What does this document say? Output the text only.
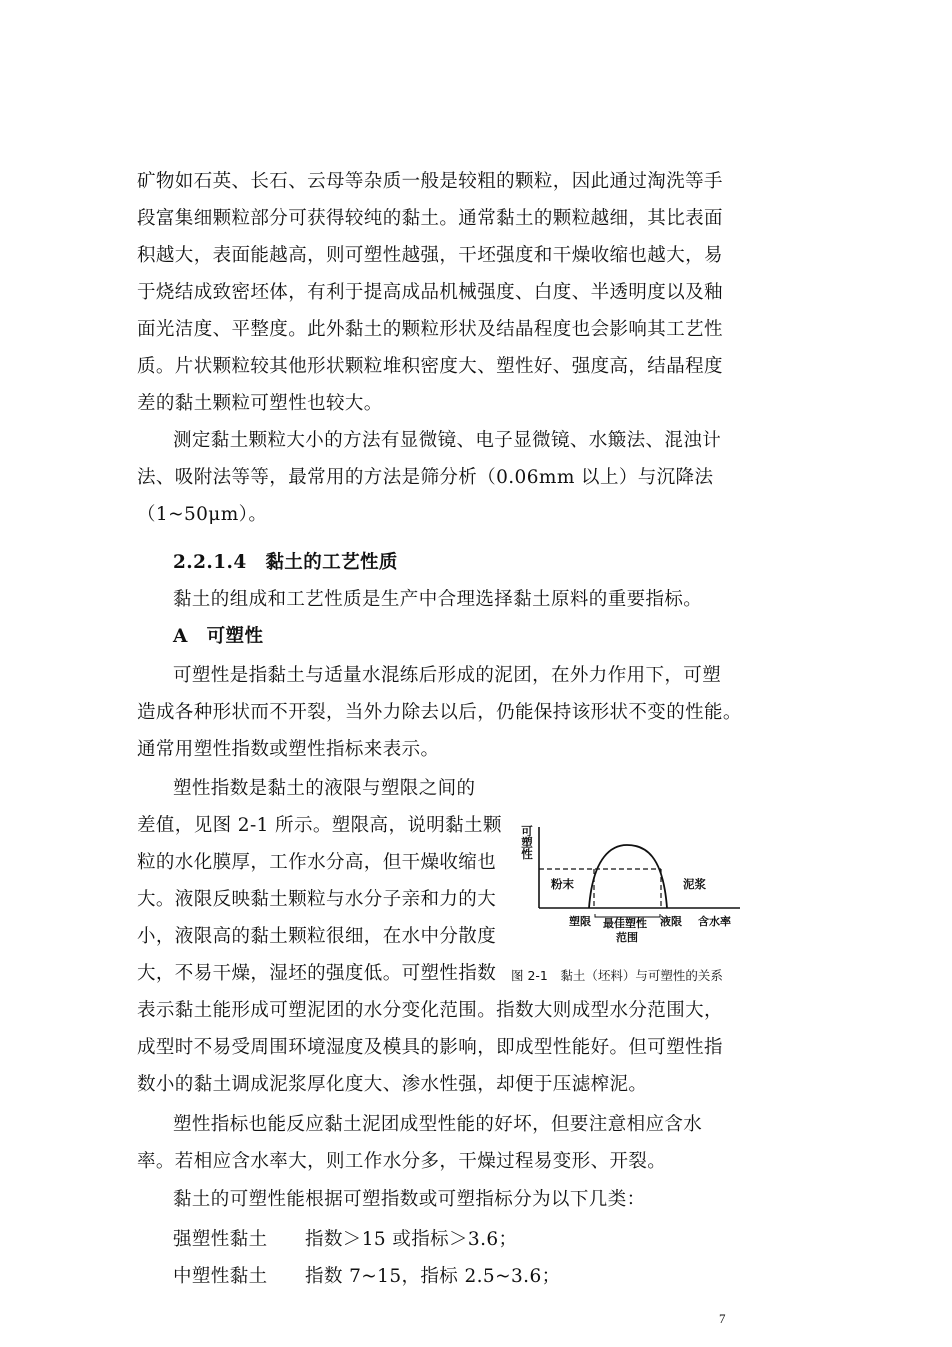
矿物如石英、长石、云母等杂质一般是较粗的颗粒，因此通过淘洗等手
段富集细颗粒部分可获得较纯的黏土。通常黏土的颗粒越细，其比表面
积越大，表面能越高，则可塑性越强，干坯强度和干燥收缩也越大，易
于烧结成致密坯体，有利于提高成品机械强度、白度、半透明度以及釉
面光洁度、平整度。此外黏土的颗粒形状及结晶程度也会影响其工艺性
质。片状颗粒较其他形状颗粒堆积密度大、塑性好、强度高，结晶程度
差的黏土颗粒可塑性也较大。
测定黏土颗粒大小的方法有显微镜、电子显微镜、水簸法、混浊计
法、吸附法等等，最常用的方法是筛分析（0.06mm 以上）与沉降法
（1~50μm）。
2.2.1.4　黏土的工艺性质
黏土的组成和工艺性质是生产中合理选择黏土原料的重要指标。
A　可塑性
可塑性是指黏土与适量水混练后形成的泥团，在外力作用下，可塑
造成各种形状而不开裂，当外力除去以后，仍能保持该形状不变的性能。
通常用塑性指数或塑性指标来表示。
塑性指数是黏土的液限与塑限之间的
差值，见图 2-1 所示。塑限高，说明黏土颗
粒的水化膜厚，工作水分高，但干燥收缩也
大。液限反映黏土颗粒与水分子亲和力的大
小，液限高的黏土颗粒很细，在水中分散度
大，不易干燥，湿坯的强度低。可塑性指数
表示黏土能形成可塑泥团的水分变化范围。指数大则成型水分范围大，
成型时不易受周围环境湿度及模具的影响，即成型性能好。但可塑性指
数小的黏土调成泥浆厚化度大、渗水性强，却便于压滤榨泥。
塑性指标也能反应黏土泥团成型性能的好坏，但要注意相应含水
率。若相应含水率大，则工作水分多，干燥过程易变形、开裂。
黏土的可塑性能根据可塑指数或可塑指标分为以下几类：
强塑性黏土 指数＞15 或指标＞3.6；
中塑性黏土 指数 7~15，指标 2.5~3.6；
可塑性
粉末	泥浆
塑限 最佳塑性
范围
液限 含水率
图 2-1　黏土（坯料）与可塑性的关系
7
